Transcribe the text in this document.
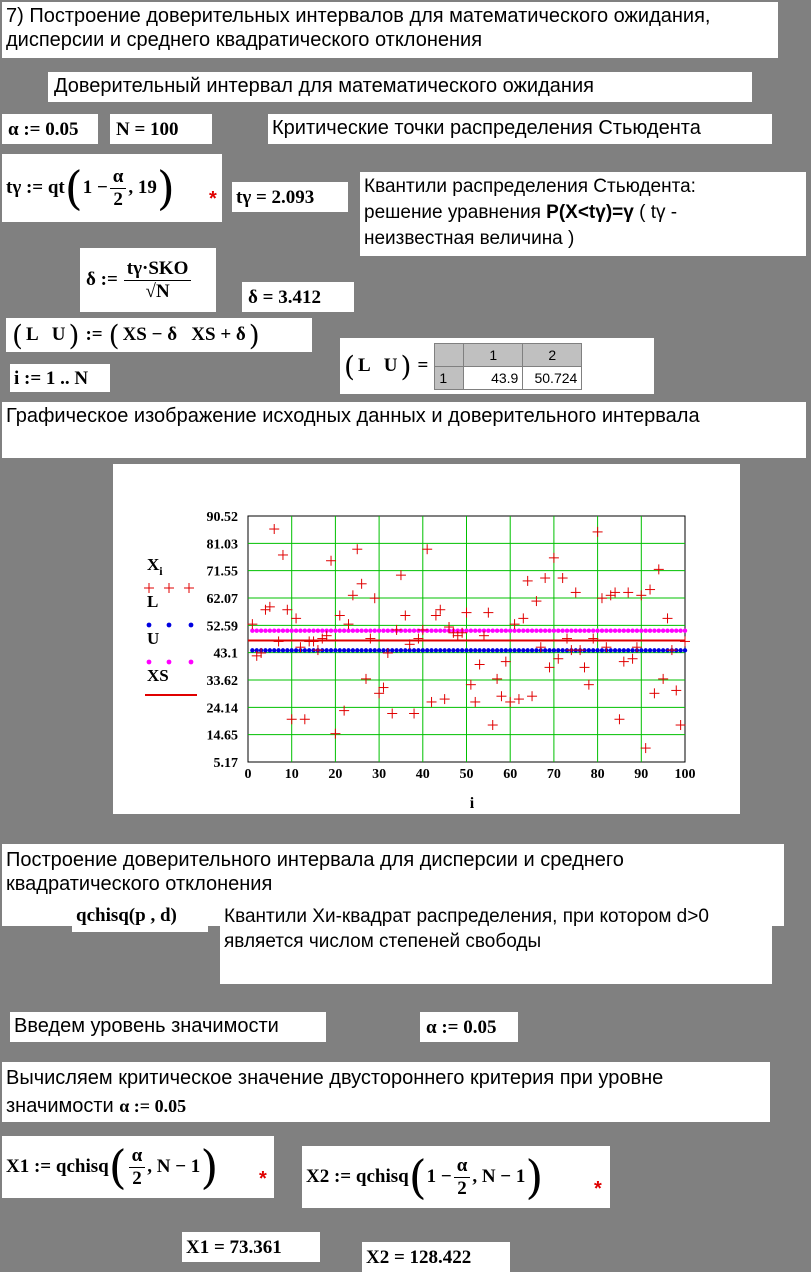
7) Построение доверительных интервалов для математического ожидания, дисперсии и среднего квадратического отклонения
Доверительный интервал для математического ожидания
α := 0.05	N = 100	Критические точки распределения Стьюдента
tγ := qt ( $1 - \frac{\alpha}{2}$ , 19 ) * tγ = 2.093
Квантили распределения Стьюдента:
решение уравнения P(X<tγ)=γ ( tγ -
неизвестная величина )
δ := $\frac{\text{tγ·SKO}}{√N}$	δ = 3.412
( L   U ) := ( XS − δ   XS + δ )
i := 1 .. N	( L   U ) =
	1	2
1	43.9	50.724
Графическое изображение исходных данных и доверительного интервала
90.52
81.03
71.55
62.07
52.59
43.1
33.62
24.14
14.65
5.17
0 10 20 30 40 50 60 70 80 90 100
$X_i$
L
U
XS
i
Построение доверительного интервала для дисперсии и среднего квадратического отклонения
qchisq(p , d)	Квантили Хи-квадрат распределения, при котором d>0 является числом степеней свободы
Введем уровень значимости	α := 0.05
Вычисляем критическое значение двустороннего критерия при уровне значимости α := 0.05
X1 := qchisq ( $\frac{\alpha}{2}$ , N − 1 ) * X2 := qchisq ( $1 - \frac{\alpha}{2}$ , N − 1 )	*
X1 = 73.361	X2 = 128.422
